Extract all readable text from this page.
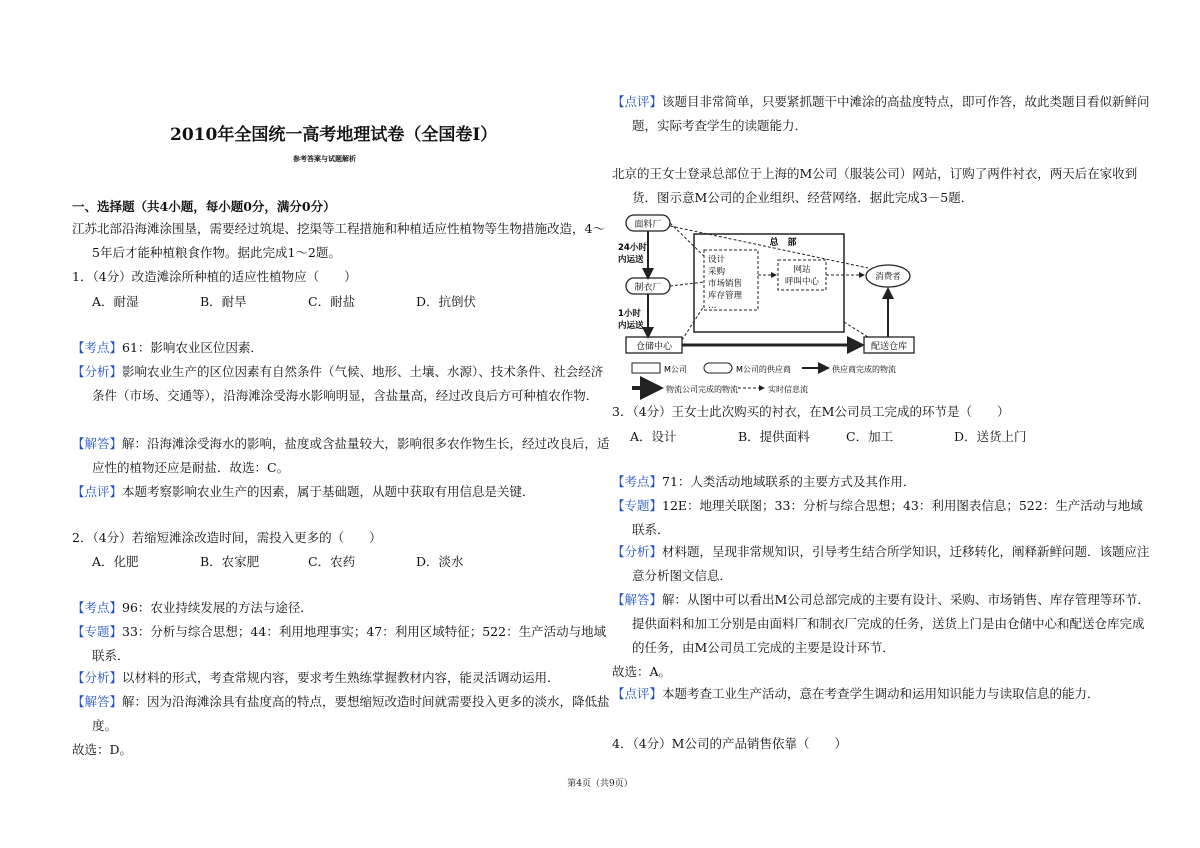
2010年全国统一高考地理试卷（全国卷Ⅰ）
参考答案与试题解析
一、选择题（共4小题，每小题0分，满分0分）
江苏北部沿海滩涂围垦，需要经过筑堤、挖渠等工程措施和种植适应性植物等生物措施改造，4～5年后才能种植粮食作物。据此完成1～2题。
1．（4分）改造滩涂所种植的适应性植物应（　　）
A．耐湿	B．耐旱	C．耐盐	D．抗倒伏
【考点】61：影响农业区位因素．
【分析】影响农业生产的区位因素有自然条件（气候、地形、土壤、水源）、技术条件、社会经济条件（市场、交通等），沿海滩涂受海水影响明显，含盐量高，经过改良后方可种植农作物．
【解答】解：沿海滩涂受海水的影响，盐度或含盐量较大，影响很多农作物生长，经过改良后，适应性的植物还应是耐盐．故选：C。
【点评】本题考察影响农业生产的因素，属于基础题，从题中获取有用信息是关键．
2．（4分）若缩短滩涂改造时间，需投入更多的（　　）
A．化肥	B．农家肥	C．农药	D．淡水
【考点】96：农业持续发展的方法与途径．
【专题】33：分析与综合思想；44：利用地理事实；47：利用区域特征；522：生产活动与地域联系．
【分析】以材料的形式，考查常规内容，要求考生熟练掌握教材内容，能灵活调动运用．
【解答】解：因为沿海滩涂具有盐度高的特点，要想缩短改造时间就需要投入更多的淡水，降低盐度。
故选：D。
【点评】该题目非常简单，只要紧抓题干中滩涂的高盐度特点，即可作答，故此类题目看似新鲜问题，实际考查学生的读题能力．
北京的王女士登录总部位于上海的M公司（服装公司）网站，订购了两件衬衣，两天后在家收到货．图示意M公司的企业组织、经营网络．据此完成3－5题．
面料厂
总　部
设计
采购
市场销售
库存管理
…
网站
呼叫中心	消费者
制衣厂
24小时
内运送
1小时
内运送
仓储中心	配送仓库
M公司	M公司的供应商	供应商完成的物流
物流公司完成的物流	实时信息流
3．（4分）王女士此次购买的衬衣，在M公司员工完成的环节是（　　）
A．设计	B．提供面料	C．加工	D．送货上门
【考点】71：人类活动地域联系的主要方式及其作用．
【专题】12E：地理关联图；33：分析与综合思想；43：利用图表信息；522：生产活动与地域联系．
【分析】材料题，呈现非常规知识，引导考生结合所学知识，迁移转化，阐释新鲜问题．该题应注意分析图文信息．
【解答】解：从图中可以看出M公司总部完成的主要有设计、采购、市场销售、库存管理等环节．提供面料和加工分别是由面料厂和制衣厂完成的任务，送货上门是由仓储中心和配送仓库完成的任务，由M公司员工完成的主要是设计环节．
故选：A。
【点评】本题考查工业生产活动，意在考查学生调动和运用知识能力与读取信息的能力．
4．（4分）M公司的产品销售依靠（　　）
第4页（共9页）
